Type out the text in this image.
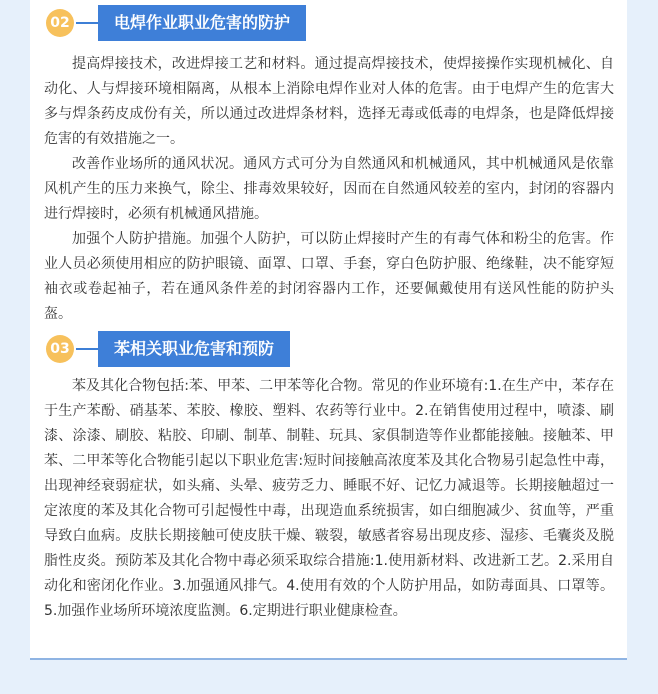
02	电焊作业职业危害的防护

提高焊接技术，改进焊接工艺和材料。通过提高焊接技术，使焊接操作实现机械化、自动化、人与焊接环境相隔离，从根本上消除电焊作业对人体的危害。由于电焊产生的危害大多与焊条药皮成份有关，所以通过改进焊条材料，选择无毒或低毒的电焊条，也是降低焊接危害的有效措施之一。

改善作业场所的通风状况。通风方式可分为自然通风和机械通风，其中机械通风是依靠风机产生的压力来换气，除尘、排毒效果较好，因而在自然通风较差的室内，封闭的容器内进行焊接时，必须有机械通风措施。

加强个人防护措施。加强个人防护，可以防止焊接时产生的有毒气体和粉尘的危害。作业人员必须使用相应的防护眼镜、面罩、口罩、手套，穿白色防护服、绝缘鞋，决不能穿短袖衣或卷起袖子，若在通风条件差的封闭容器内工作，还要佩戴使用有送风性能的防护头盔。

03	苯相关职业危害和预防

苯及其化合物包括:苯、甲苯、二甲苯等化合物。常见的作业环境有:1.在生产中，苯存在于生产苯酚、硝基苯、苯胶、橡胶、塑料、农药等行业中。2.在销售使用过程中，喷漆、刷漆、涂漆、刷胶、粘胶、印刷、制革、制鞋、玩具、家俱制造等作业都能接触。接触苯、甲苯、二甲苯等化合物能引起以下职业危害:短时间接触高浓度苯及其化合物易引起急性中毒，出现神经衰弱症状，如头痛、头晕、疲劳乏力、睡眠不好、记忆力减退等。长期接触超过一定浓度的苯及其化合物可引起慢性中毒，出现造血系统损害，如白细胞减少、贫血等，严重导致白血病。皮肤长期接触可使皮肤干燥、皲裂，敏感者容易出现皮疹、湿疹、毛囊炎及脱脂性皮炎。预防苯及其化合物中毒必须采取综合措施:1.使用新材料、改进新工艺。2.采用自动化和密闭化作业。3.加强通风排气。4.使用有效的个人防护用品，如防毒面具、口罩等。5.加强作业场所环境浓度监测。6.定期进行职业健康检查。
